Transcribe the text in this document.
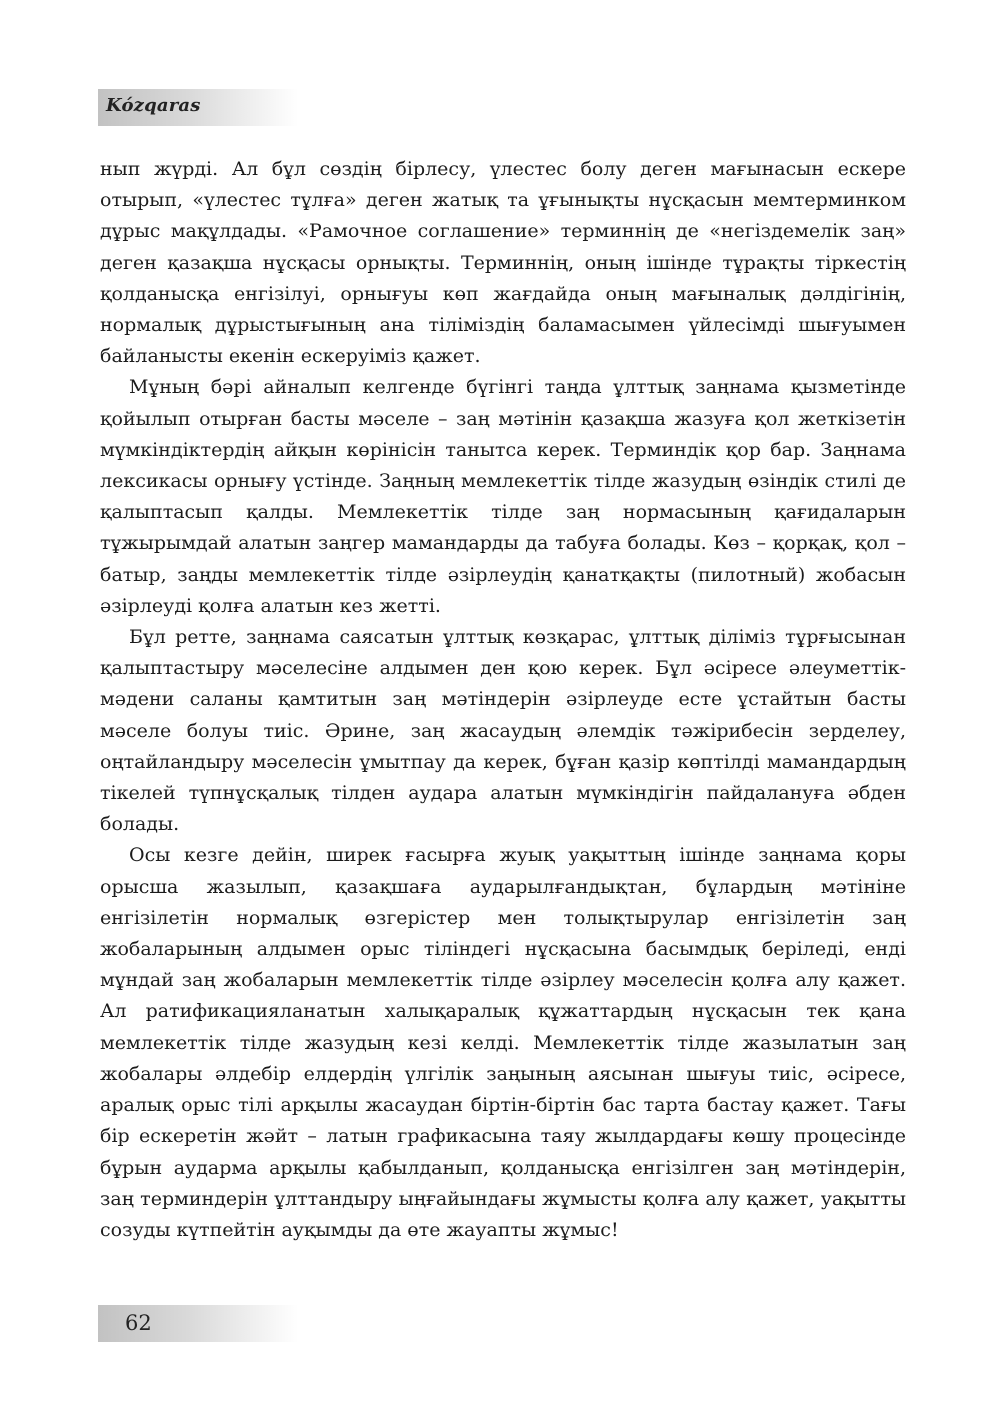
Kózqaras

нып жүрді. Ал бұл сөздің бірлесу, үлестес болу деген мағынасын ескере отырып, «үлестес тұлға» деген жатық та ұғынықты нұсқасын мемтерминком дұрыс мақұлдады. «Рамочное соглашение» терминнің де «негіздемелік заң» деген қазақша нұсқасы орнықты. Терминнің, оның ішінде тұрақты тіркестің қолданысқа енгізілуі, орнығуы көп жағдайда оның мағыналық дәлдігінің, нормалық дұрыстығының ана тіліміздің баламасымен үйлесімді шығуымен байланысты екенін ескеруіміз қажет.

Мұның бәрі айналып келгенде бүгінгі таңда ұлттық заңнама қызметінде қойылып отырған басты мәселе – заң мәтінін қазақша жазуға қол жеткізетін мүмкіндіктердің айқын көрінісін танытса керек. Терминдік қор бар. Заңнама лексикасы орнығу үстінде. Заңның мемлекеттік тілде жазудың өзіндік стилі де қалыптасып қалды. Мемлекеттік тілде заң нормасының қағидаларын тұжырымдай алатын заңгер мамандарды да табуға болады. Көз – қорқақ, қол – батыр, заңды мемлекеттік тілде әзірлеудің қанатқақты (пилотный) жобасын әзірлеуді қолға алатын кез жетті.

Бұл ретте, заңнама саясатын ұлттық көзқарас, ұлттық діліміз тұрғысынан қалыптастыру мәселесіне алдымен ден қою керек. Бұл әсіресе әлеуметтік-мәдени саланы қамтитын заң мәтіндерін әзірлеуде есте ұстайтын басты мәселе болуы тиіс. Әрине, заң жасаудың әлемдік тәжірибесін зерделеу, оңтайландыру мәселесін ұмытпау да керек, бұған қазір көптілді мамандардың тікелей түпнұсқалық тілден аудара алатын мүмкіндігін пайдалануға әбден болады.

Осы кезге дейін, ширек ғасырға жуық уақыттың ішінде заңнама қоры орысша жазылып, қазақшаға аударылғандықтан, бұлардың мәтініне енгізілетін нормалық өзгерістер мен толықтырулар енгізілетін заң жобаларының алдымен орыс тіліндегі нұсқасына басымдық беріледі, енді мұндай заң жобаларын мемлекеттік тілде әзірлеу мәселесін қолға алу қажет. Ал ратификацияланатын халықаралық құжаттардың нұсқасын тек қана мемлекеттік тілде жазудың кезі келді. Мемлекеттік тілде жазылатын заң жобалары әлдебір елдердің үлгілік заңының аясынан шығуы тиіс, әсіресе, аралық орыс тілі арқылы жасаудан біртін-біртін бас тарта бастау қажет. Тағы бір ескеретін жәйт – латын графикасына таяу жылдардағы көшу процесінде бұрын аударма арқылы қабылданып, қолданысқа енгізілген заң мәтіндерін, заң терминдерін ұлттандыру ыңғайындағы жұмысты қолға алу қажет, уақытты созуды күтпейтін ауқымды да өте жауапты жұмыс!

62
